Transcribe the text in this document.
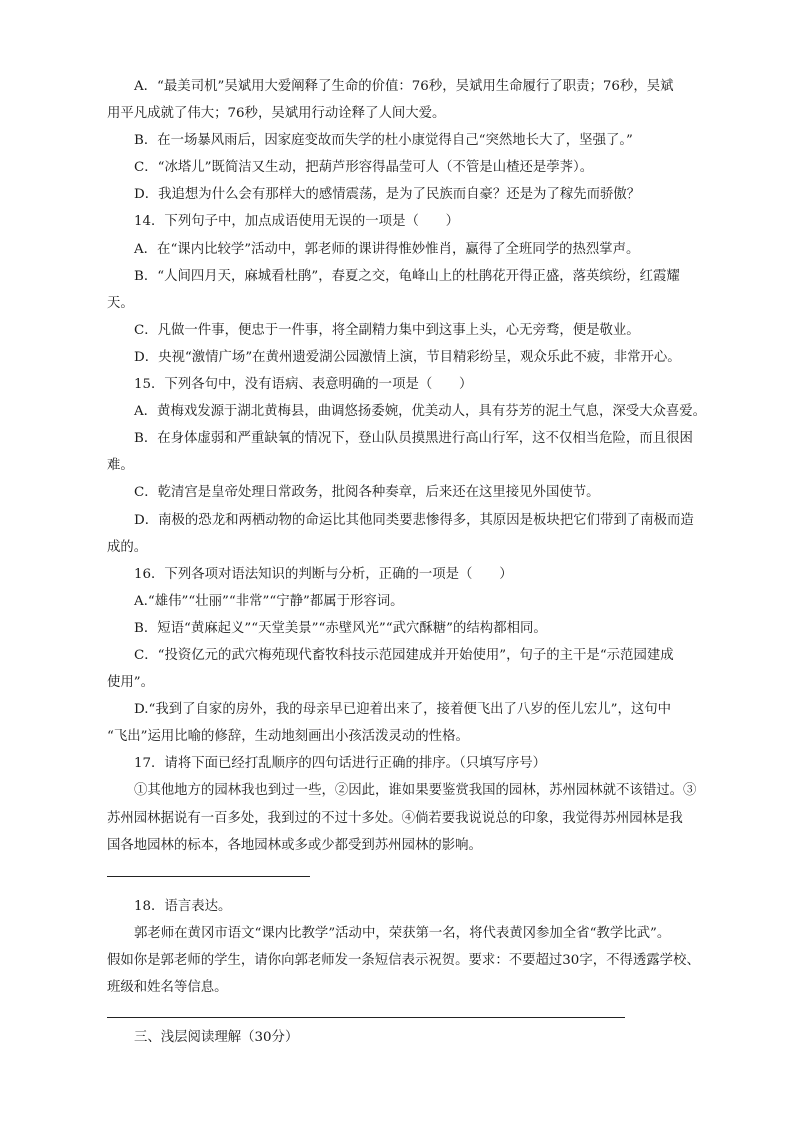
A．“最美司机”吴斌用大爱阐释了生命的价值：76秒，吴斌用生命履行了职责；76秒，吴斌

用平凡成就了伟大；76秒，吴斌用行动诠释了人间大爱。

B．在一场暴风雨后，因家庭变故而失学的杜小康觉得自己“突然地长大了，坚强了。”

C．“冰塔儿”既简洁又生动，把葫芦形容得晶莹可人（不管是山楂还是荸荠）。

D．我追想为什么会有那样大的感情震荡，是为了民族而自豪？还是为了稼先而骄傲？

14．下列句子中，加点成语使用无误的一项是（　　）

A．在“课内比较学”活动中，郭老师的课讲得惟妙惟肖，赢得了全班同学的热烈掌声。

B．“人间四月天，麻城看杜鹃”，春夏之交，龟峰山上的杜鹃花开得正盛，落英缤纷，红霞耀

天。

C．凡做一件事，便忠于一件事，将全副精力集中到这事上头，心无旁骛，便是敬业。

D．央视“激情广场”在黄州遗爱湖公园激情上演，节目精彩纷呈，观众乐此不疲，非常开心。

15．下列各句中，没有语病、表意明确的一项是（　　）

A．黄梅戏发源于湖北黄梅县，曲调悠扬委婉，优美动人，具有芬芳的泥土气息，深受大众喜爱。

B．在身体虚弱和严重缺氧的情况下，登山队员摸黑进行高山行军，这不仅相当危险，而且很困

难。

C．乾清宫是皇帝处理日常政务，批阅各种奏章，后来还在这里接见外国使节。

D．南极的恐龙和两栖动物的命运比其他同类要悲惨得多，其原因是板块把它们带到了南极而造

成的。

16．下列各项对语法知识的判断与分析，正确的一项是（　　）

A.“雄伟”“壮丽”“非常”“宁静”都属于形容词。

B．短语“黄麻起义”“天堂美景”“赤壁风光”“武穴酥糖”的结构都相同。

C．“投资亿元的武穴梅苑现代畜牧科技示范园建成并开始使用”，句子的主干是“示范园建成

使用”。

D.“我到了自家的房外，我的母亲早已迎着出来了，接着便飞出了八岁的侄儿宏儿”，这句中

“飞出”运用比喻的修辞，生动地刻画出小孩活泼灵动的性格。

17．请将下面已经打乱顺序的四句话进行正确的排序。（只填写序号）

①其他地方的园林我也到过一些，②因此，谁如果要鉴赏我国的园林，苏州园林就不该错过。③

苏州园林据说有一百多处，我到过的不过十多处。④倘若要我说说总的印象，我觉得苏州园林是我

国各地园林的标本，各地园林或多或少都受到苏州园林的影响。

18．语言表达。

郭老师在黄冈市语文“课内比教学”活动中，荣获第一名，将代表黄冈参加全省“教学比武”。

假如你是郭老师的学生，请你向郭老师发一条短信表示祝贺。要求：不要超过30字，不得透露学校、

班级和姓名等信息。

三、浅层阅读理解（30分）
